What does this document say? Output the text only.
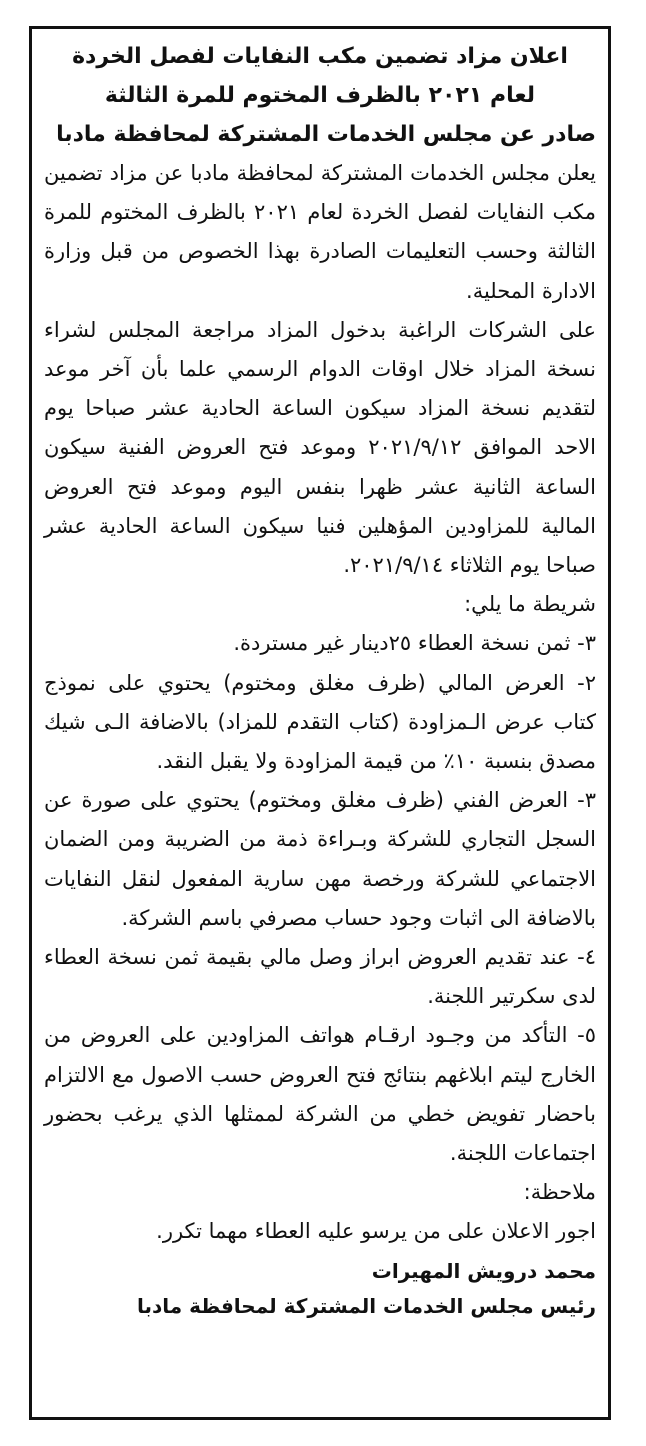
اعلان مزاد تضمين مكب النفايات لفصل الخردة
لعام ٢٠٢١ بالظرف المختوم للمرة الثالثة
صادر عن مجلس الخدمات المشتركة لمحافظة مادبا

يعلن مجلس الخدمات المشتركة لمحافظة مادبا عن مزاد تضمين مكب النفايات لفصل الخردة لعام ٢٠٢١ بالظرف المختوم للمرة الثالثة وحسب التعليمات الصادرة بهذا الخصوص من قبل وزارة الادارة المحلية.

على الشركات الراغبة بدخول المزاد مراجعة المجلس لشراء نسخة المزاد خلال اوقات الدوام الرسمي علما بأن آخر موعد لتقديم نسخة المزاد سيكون الساعة الحادية عشر صباحا يوم الاحد الموافق ٢٠٢١/٩/١٢ وموعد فتح العروض الفنية سيكون الساعة الثانية عشر ظهرا بنفس اليوم وموعد فتح العروض المالية للمزاودين المؤهلين فنيا سيكون الساعة الحادية عشر صباحا يوم الثلاثاء ٢٠٢١/٩/١٤.

شريطة ما يلي:

٣- ثمن نسخة العطاء ٢٥دينار غير مستردة.

٢- العرض المالي (ظرف مغلق ومختوم) يحتوي على نموذج كتاب عرض الـمزاودة (كتاب التقدم للمزاد) بالاضافة الـى شيك مصدق بنسبة ١٠٪ من قيمة المزاودة ولا يقبل النقد.

٣- العرض الفني (ظرف مغلق ومختوم) يحتوي على صورة عن السجل التجاري للشركة وبـراءة ذمة من الضريبة ومن الضمان الاجتماعي للشركة ورخصة مهن سارية المفعول لنقل النفايات بالاضافة الى اثبات وجود حساب مصرفي باسم الشركة.

٤- عند تقديم العروض ابراز وصل مالي بقيمة ثمن نسخة العطاء لدى سكرتير اللجنة.

٥- التأكد من وجـود ارقـام هواتف المزاودين على العروض من الخارج ليتم ابلاغهم بنتائج فتح العروض حسب الاصول مع الالتزام باحضار تفويض خطي من الشركة لممثلها الذي يرغب بحضور اجتماعات اللجنة.

ملاحظة:

اجور الاعلان على من يرسو عليه العطاء مهما تكرر.

محمد درويش المهيرات
رئيس مجلس الخدمات المشتركة لمحافظة مادبا
